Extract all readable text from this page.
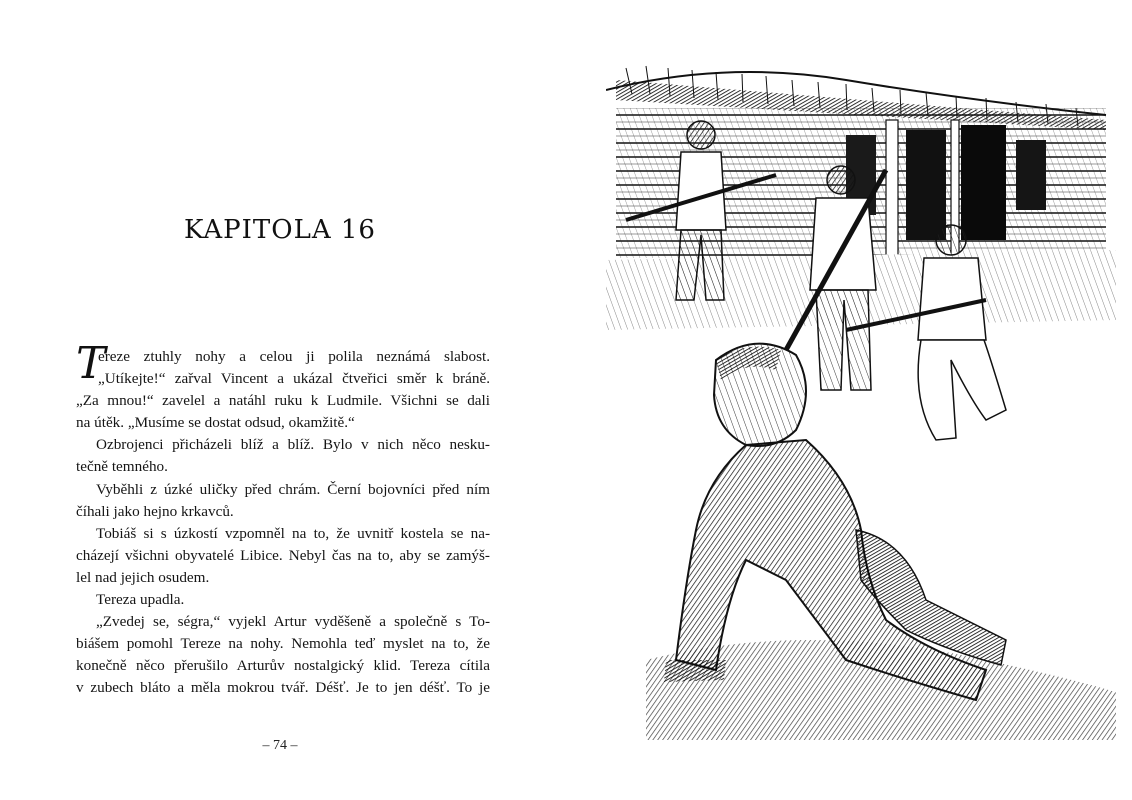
KAPITOLA 16
T
ereze ztuhly nohy a celou ji polila neznámá slabost.
„Utíkejte!“ zařval Vincent a ukázal čtveřici směr k bráně.
„Za mnou!“ zavelel a natáhl ruku k Ludmile. Všichni se dali
na útěk. „Musíme se dostat odsud, okamžitě.“
Ozbrojenci přicházeli blíž a blíž. Bylo v nich něco nesku-
tečně temného.
Vyběhli z úzké uličky před chrám. Černí bojovníci před ním
číhali jako hejno krkavců.
Tobiáš si s úzkostí vzpomněl na to, že uvnitř kostela se na-
cházejí všichni obyvatelé Libice. Nebyl čas na to, aby se zamýš-
lel nad jejich osudem.
Tereza upadla.
„Zvedej se, ségra,“ vyjekl Artur vyděšeně a společně s To-
biášem pomohl Tereze na nohy. Nemohla teď myslet na to, že
konečně něco přerušilo Arturův nostalgický klid. Tereza cítila
v zubech bláto a měla mokrou tvář. Déšť. Je to jen déšť. To je
– 74 –
